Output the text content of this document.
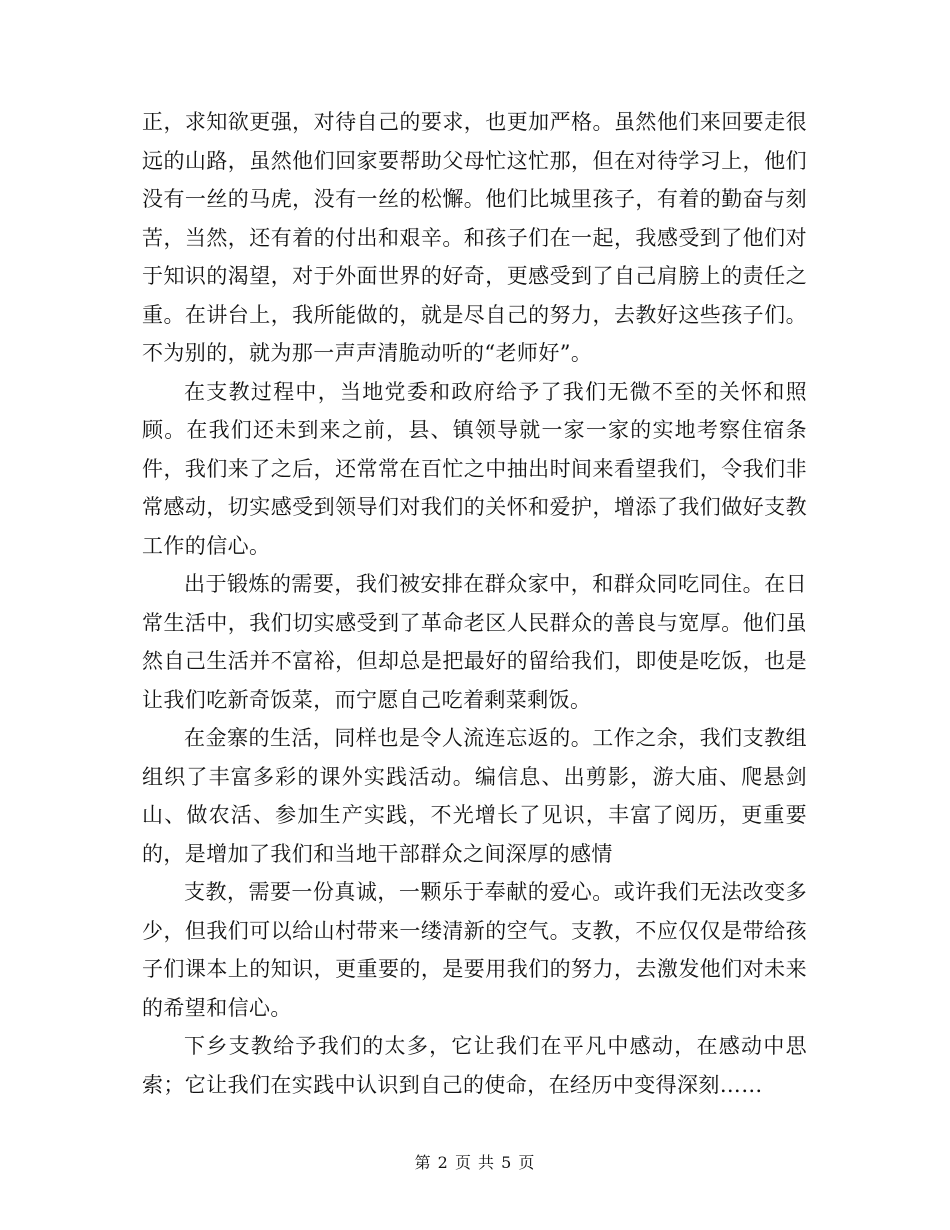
正，求知欲更强，对待自己的要求，也更加严格。虽然他们来回要走很远的山路，虽然他们回家要帮助父母忙这忙那，但在对待学习上，他们没有一丝的马虎，没有一丝的松懈。他们比城里孩子，有着的勤奋与刻苦，当然，还有着的付出和艰辛。和孩子们在一起，我感受到了他们对于知识的渴望，对于外面世界的好奇，更感受到了自己肩膀上的责任之重。在讲台上，我所能做的，就是尽自己的努力，去教好这些孩子们。不为别的，就为那一声声清脆动听的“老师好”。

在支教过程中，当地党委和政府给予了我们无微不至的关怀和照顾。在我们还未到来之前，县、镇领导就一家一家的实地考察住宿条件，我们来了之后，还常常在百忙之中抽出时间来看望我们，令我们非常感动，切实感受到领导们对我们的关怀和爱护，增添了我们做好支教工作的信心。

出于锻炼的需要，我们被安排在群众家中，和群众同吃同住。在日常生活中，我们切实感受到了革命老区人民群众的善良与宽厚。他们虽然自己生活并不富裕，但却总是把最好的留给我们，即使是吃饭，也是让我们吃新奇饭菜，而宁愿自己吃着剩菜剩饭。

在金寨的生活，同样也是令人流连忘返的。工作之余，我们支教组组织了丰富多彩的课外实践活动。编信息、出剪影，游大庙、爬悬剑山、做农活、参加生产实践，不光增长了见识，丰富了阅历，更重要的，是增加了我们和当地干部群众之间深厚的感情

支教，需要一份真诚，一颗乐于奉献的爱心。或许我们无法改变多少，但我们可以给山村带来一缕清新的空气。支教，不应仅仅是带给孩子们课本上的知识，更重要的，是要用我们的努力，去激发他们对未来的希望和信心。

下乡支教给予我们的太多，它让我们在平凡中感动，在感动中思索；它让我们在实践中认识到自己的使命，在经历中变得深刻……

第 2 页 共 5 页
